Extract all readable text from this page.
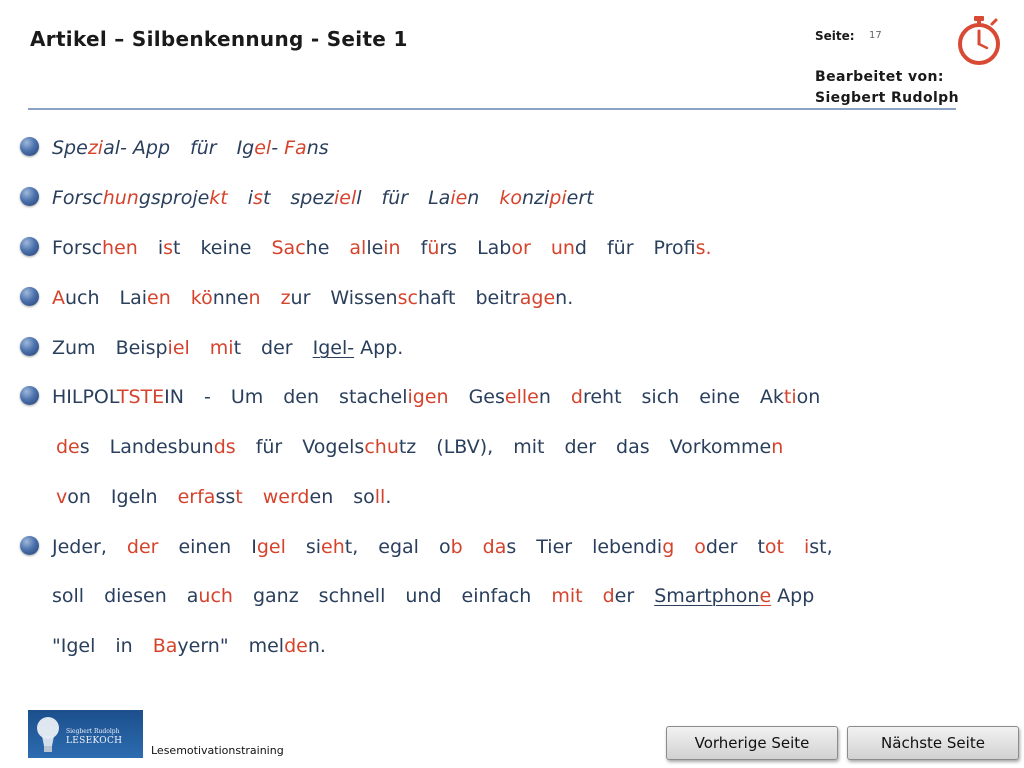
Artikel – Silbenkennung - Seite 1	Seite: 17
Bearbeitet von:
Siegbert Rudolph
Spezial- App für Igel- Fans
Forschungsprojekt ist speziell für Laien konzipiert
Forschen ist keine Sache allein fürs Labor und für Profis.
Auch Laien können zur Wissenschaft beitragen.
Zum Beispiel mit der Igel- App.
HILPOLTSTEIN - Um den stacheligen Gesellen dreht sich eine Aktion
des Landesbunds für Vogelschutz (LBV), mit der das Vorkommen
von Igeln erfasst werden soll.
Jeder, der einen Igel sieht, egal ob das Tier lebendig oder tot ist,
soll diesen auch ganz schnell und einfach mit der Smartphone App
"Igel in Bayern" melden.
Siegbert Rudolph
LESEKOCH
Lesemotivationstraining	Vorherige Seite	Nächste Seite
